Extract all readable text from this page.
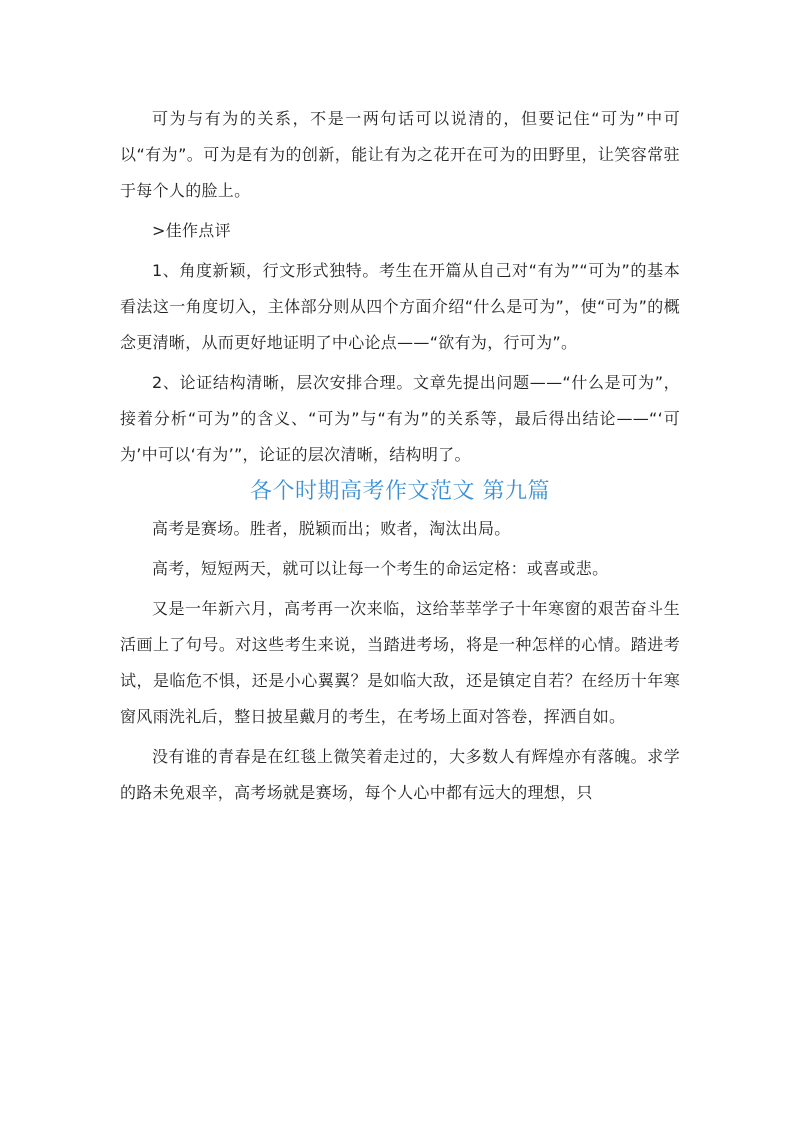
可为与有为的关系，不是一两句话可以说清的，但要记住“可为”中可以“有为”。可为是有为的创新，能让有为之花开在可为的田野里，让笑容常驻于每个人的脸上。

>佳作点评

1、角度新颖，行文形式独特。考生在开篇从自己对“有为”“可为”的基本看法这一角度切入，主体部分则从四个方面介绍“什么是可为”，使“可为”的概念更清晰，从而更好地证明了中心论点——“欲有为，行可为”。

2、论证结构清晰，层次安排合理。文章先提出问题——“什么是可为”，接着分析“可为”的含义、“可为”与“有为”的关系等，最后得出结论——“‘可为’中可以‘有为’”，论证的层次清晰，结构明了。

各个时期高考作文范文 第九篇

高考是赛场。胜者，脱颖而出；败者，淘汰出局。

高考，短短两天，就可以让每一个考生的命运定格：或喜或悲。

又是一年新六月，高考再一次来临，这给莘莘学子十年寒窗的艰苦奋斗生活画上了句号。对这些考生来说，当踏进考场，将是一种怎样的心情。踏进考试，是临危不惧，还是小心翼翼？是如临大敌，还是镇定自若？在经历十年寒窗风雨洗礼后，整日披星戴月的考生，在考场上面对答卷，挥洒自如。

没有谁的青春是在红毯上微笑着走过的，大多数人有辉煌亦有落魄。求学的路未免艰辛，高考场就是赛场，每个人心中都有远大的理想，只
